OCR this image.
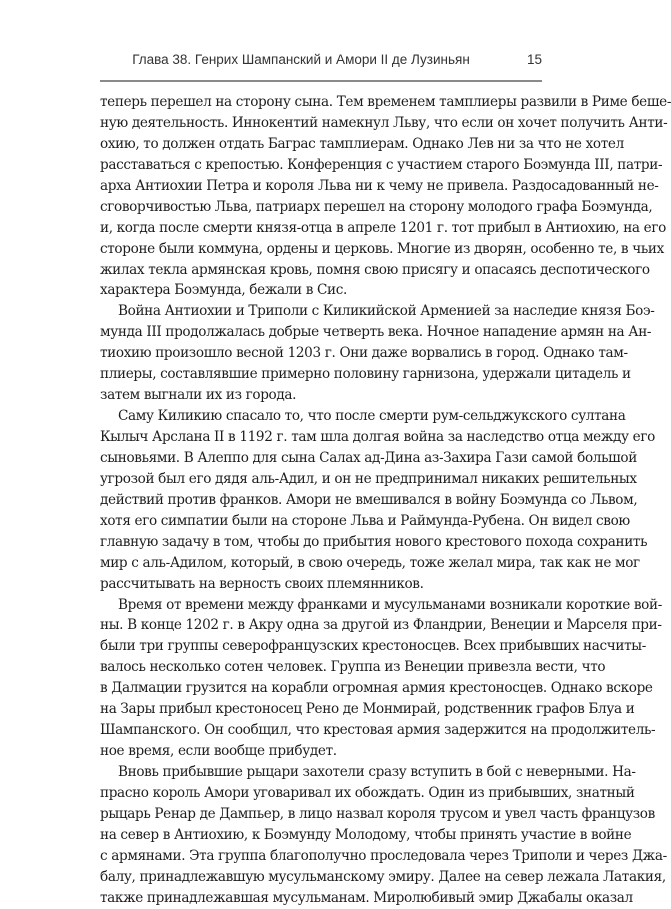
Глава 38. Генрих Шампанский и Амори II де Лузиньян	15
теперь перешел на сторону сына. Тем временем тамплиеры развили в Риме беше-
ную деятельность. Иннокентий намекнул Льву, что если он хочет получить Анти-
охию, то должен отдать Баграс тамплиерам. Однако Лев ни за что не хотел
расставаться с крепостью. Конференция с участием старого Боэмунда III, патри-
арха Антиохии Петра и короля Льва ни к чему не привела. Раздосадованный не-
сговорчивостью Льва, патриарх перешел на сторону молодого графа Боэмунда,
и, когда после смерти князя-отца в апреле 1201 г. тот прибыл в Антиохию, на его
стороне были коммуна, ордены и церковь. Многие из дворян, особенно те, в чьих
жилах текла армянская кровь, помня свою присягу и опасаясь деспотического
характера Боэмунда, бежали в Сис.
Война Антиохии и Триполи с Киликийской Арменией за наследие князя Боэ-
мунда III продолжалась добрые четверть века. Ночное нападение армян на Ан-
тиохию произошло весной 1203 г. Они даже ворвались в город. Однако там-
плиеры, составлявшие примерно половину гарнизона, удержали цитадель и
затем выгнали их из города.
Саму Киликию спасало то, что после смерти рум-сельджукского султана
Кылыч Арслана II в 1192 г. там шла долгая война за наследство отца между его
сыновьями. В Алеппо для сына Салах ад-Дина аз-Захира Гази самой большой
угрозой был его дядя аль-Адил, и он не предпринимал никаких решительных
действий против франков. Амори не вмешивался в войну Боэмунда со Львом,
хотя его симпатии были на стороне Льва и Раймунда-Рубена. Он видел свою
главную задачу в том, чтобы до прибытия нового крестового похода сохранить
мир с аль-Адилом, который, в свою очередь, тоже желал мира, так как не мог
рассчитывать на верность своих племянников.
Время от времени между франками и мусульманами возникали короткие вой-
ны. В конце 1202 г. в Акру одна за другой из Фландрии, Венеции и Марселя при-
были три группы северофранцузских крестоносцев. Всех прибывших насчиты-
валось несколько сотен человек. Группа из Венеции привезла вести, что
в Далмации грузится на корабли огромная армия крестоносцев. Однако вскоре
на Зары прибыл крестоносец Рено де Монмирай, родственник графов Блуа и
Шампанского. Он сообщил, что крестовая армия задержится на продолжитель-
ное время, если вообще прибудет.
Вновь прибывшие рыцари захотели сразу вступить в бой с неверными. На-
прасно король Амори уговаривал их обождать. Один из прибывших, знатный
рыцарь Ренар де Дампьер, в лицо назвал короля трусом и увел часть французов
на север в Антиохию, к Боэмунду Молодому, чтобы принять участие в войне
с армянами. Эта группа благополучно проследовала через Триполи и через Джа-
балу, принадлежавшую мусульманскому эмиру. Далее на север лежала Латакия,
также принадлежавшая мусульманам. Миролюбивый эмир Джабалы оказал
